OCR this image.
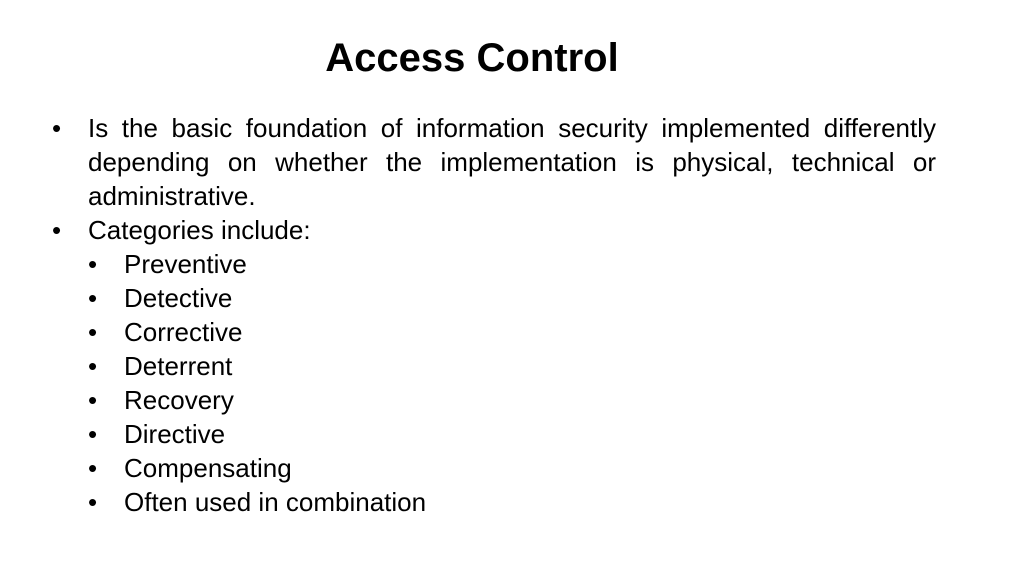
Access Control
•	Is the basic foundation of information security implemented differently depending on whether the implementation is physical, technical or administrative.
•	Categories include:
•	Preventive
•	Detective
•	Corrective
•	Deterrent
•	Recovery
•	Directive
•	Compensating
•	Often used in combination
